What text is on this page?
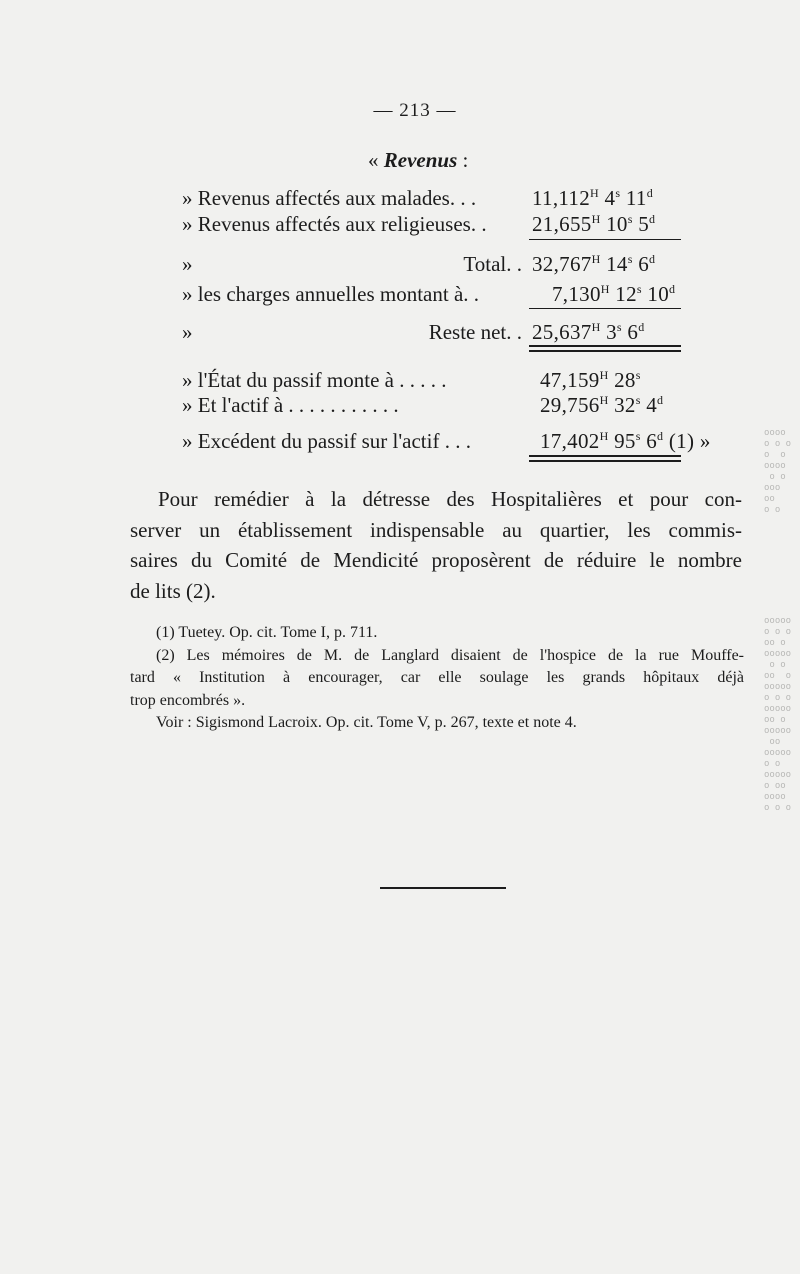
— 213 —
« Revenus :
» Revenus affectés aux malades. . .	$11,112^H$ 4$^s$ 11$^d$
» Revenus affectés aux religieuses. . $21,655^H$ 10$^s$ 5$^d$
»	Total. . $32,767^H$ 14$^s$ 6$^d$
» les charges annuelles montant à. .	$7,130^H$ 12$^s$ 10$^d$
»	Reste net. . $25,637^H$ 3$^s$ 6$^d$
» l'État du passif monte à . . . . .	$47,159^H$ 28$^s$
» Et l'actif à . . . . . . . . . . .	$29,756^H$ 32$^s$ 4$^d$
» Excédent du passif sur l'actif . . .	$17,402^H$ 95$^s$ 6$^d$ (1) »
Pour remédier à la détresse des Hospitalières et pour con-
server un établissement indispensable au quartier, les commis-
saires du Comité de Mendicité proposèrent de réduire le nombre
de lits (2).
(1) Tuetey. Op. cit. Tome I, p. 711.
(2) Les mémoires de M. de Langlard disaient de l'hospice de la rue Mouffe-
tard « Institution à encourager, car elle soulage les grands hôpitaux déjà
trop encombrés ».
Voir : Sigismond Lacroix. Op. cit. Tome V, p. 267, texte et note 4.
oooo
o o o
o  o
oooo
o o
ooo
oo
o o

ooooo
o o o
oo o
ooooo
o o
oo  o
ooooo
o o o
ooooo
oo o
ooooo
oo
ooooo
o o
ooooo
o oo
oooo
o o o
